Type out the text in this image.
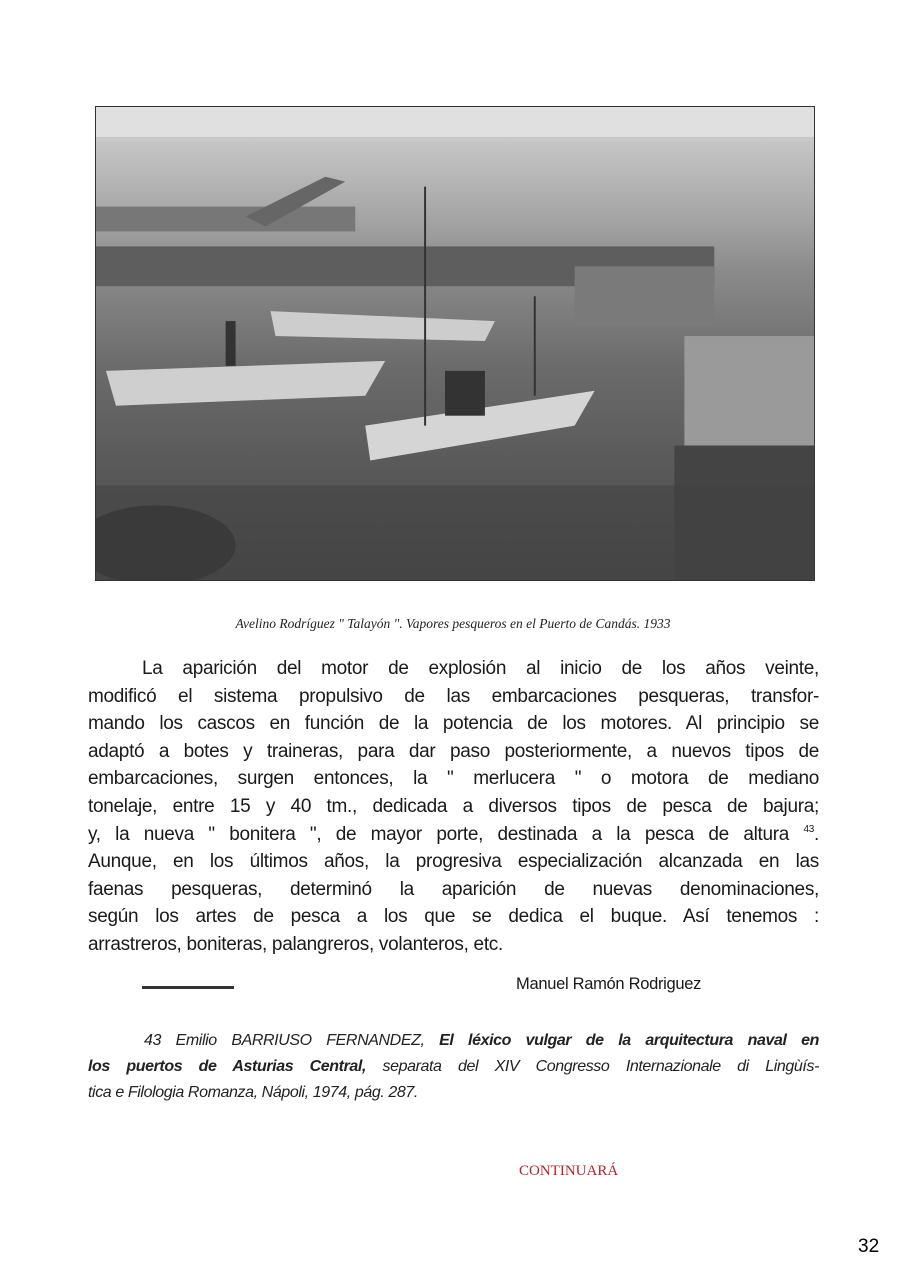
Avelino Rodríguez " Talayón ". Vapores pesqueros en el Puerto de Candás. 1933
La aparición del motor de explosión al inicio de los años veinte,
modificó el sistema propulsivo de las embarcaciones pesqueras, transfor-
mando los cascos en función de la potencia de los motores. Al principio se
adaptó a botes y traineras, para dar paso posteriormente, a nuevos tipos de
embarcaciones, surgen entonces, la " merlucera " o motora de mediano
tonelaje, entre 15 y 40 tm., dedicada a diversos tipos de pesca de bajura;
y, la nueva " bonitera ", de mayor porte, destinada a la pesca de altura $^{43}$.
Aunque, en los últimos años, la progresiva especialización alcanzada en las
faenas pesqueras, determinó la aparición de nuevas denominaciones,
según los artes de pesca a los que se dedica el buque. Así tenemos :
arrastreros, boniteras, palangreros, volanteros, etc.
Manuel Ramón Rodriguez
43 Emilio BARRIUSO FERNANDEZ, El léxico vulgar de la arquitectura naval en
los puertos de Asturias Central, separata del XIV Congresso Internazionale di Lingùís-
tica e Filologia Romanza, Nápoli, 1974, pág. 287.
CONTINUARÁ
32
